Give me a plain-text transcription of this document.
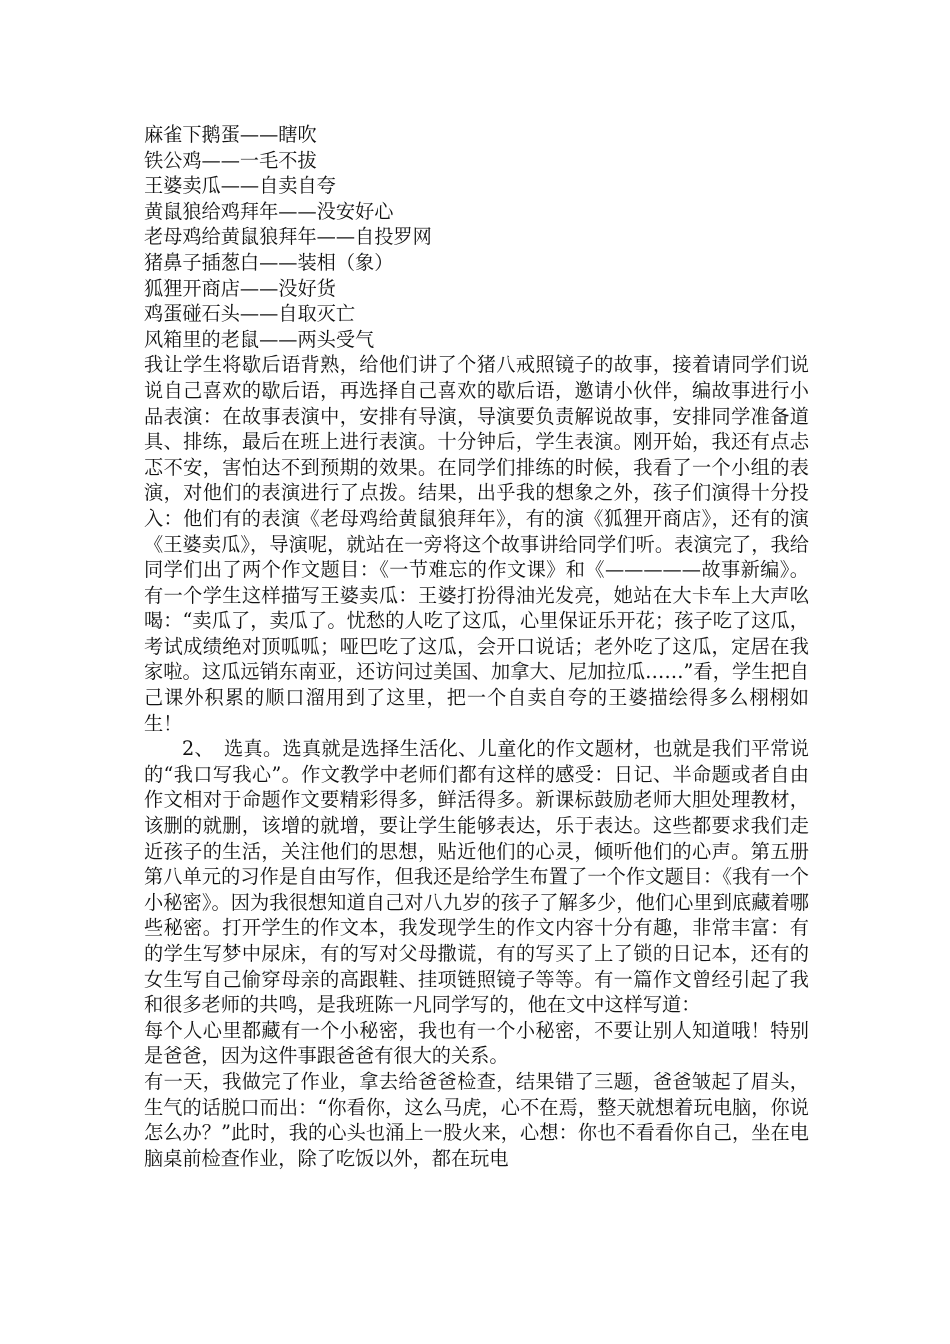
麻雀下鹅蛋——瞎吹

铁公鸡——一毛不拔

王婆卖瓜——自卖自夸

黄鼠狼给鸡拜年——没安好心

老母鸡给黄鼠狼拜年——自投罗网

猪鼻子插葱白——装相（象）

狐狸开商店——没好货

鸡蛋碰石头——自取灭亡

风箱里的老鼠——两头受气

我让学生将歇后语背熟，给他们讲了个猪八戒照镜子的故事，接着请同学们说说自己喜欢的歇后语，再选择自己喜欢的歇后语，邀请小伙伴，编故事进行小品表演：在故事表演中，安排有导演，导演要负责解说故事，安排同学准备道具、排练，最后在班上进行表演。十分钟后，学生表演。刚开始，我还有点忐忑不安，害怕达不到预期的效果。在同学们排练的时候，我看了一个小组的表演，对他们的表演进行了点拨。结果，出乎我的想象之外，孩子们演得十分投入：他们有的表演《老母鸡给黄鼠狼拜年》，有的演《狐狸开商店》，还有的演《王婆卖瓜》，导演呢，就站在一旁将这个故事讲给同学们听。表演完了，我给同学们出了两个作文题目：《一节难忘的作文课》和《—————故事新编》。有一个学生这样描写王婆卖瓜：王婆打扮得油光发亮，她站在大卡车上大声吆喝：“卖瓜了，卖瓜了。忧愁的人吃了这瓜，心里保证乐开花；孩子吃了这瓜，考试成绩绝对顶呱呱；哑巴吃了这瓜，会开口说话；老外吃了这瓜，定居在我家啦。这瓜远销东南亚，还访问过美国、加拿大、尼加拉瓜……”看，学生把自己课外积累的顺口溜用到了这里，把一个自卖自夸的王婆描绘得多么栩栩如生！

2、　选真。选真就是选择生活化、儿童化的作文题材，也就是我们平常说的“我口写我心”。作文教学中老师们都有这样的感受：日记、半命题或者自由作文相对于命题作文要精彩得多，鲜活得多。新课标鼓励老师大胆处理教材，该删的就删，该增的就增，要让学生能够表达，乐于表达。这些都要求我们走近孩子的生活，关注他们的思想，贴近他们的心灵，倾听他们的心声。第五册第八单元的习作是自由写作，但我还是给学生布置了一个作文题目：《我有一个小秘密》。因为我很想知道自己对八九岁的孩子了解多少，他们心里到底藏着哪些秘密。打开学生的作文本，我发现学生的作文内容十分有趣，非常丰富：有的学生写梦中尿床，有的写对父母撒谎，有的写买了上了锁的日记本，还有的女生写自己偷穿母亲的高跟鞋、挂项链照镜子等等。有一篇作文曾经引起了我和很多老师的共鸣，是我班陈一凡同学写的，他在文中这样写道：

每个人心里都藏有一个小秘密，我也有一个小秘密，不要让别人知道哦！特别是爸爸，因为这件事跟爸爸有很大的关系。

有一天，我做完了作业，拿去给爸爸检查，结果错了三题，爸爸皱起了眉头，生气的话脱口而出：“你看你，这么马虎，心不在焉，整天就想着玩电脑，你说怎么办？”此时，我的心头也涌上一股火来，心想：你也不看看你自己，坐在电脑桌前检查作业，除了吃饭以外，都在玩电
